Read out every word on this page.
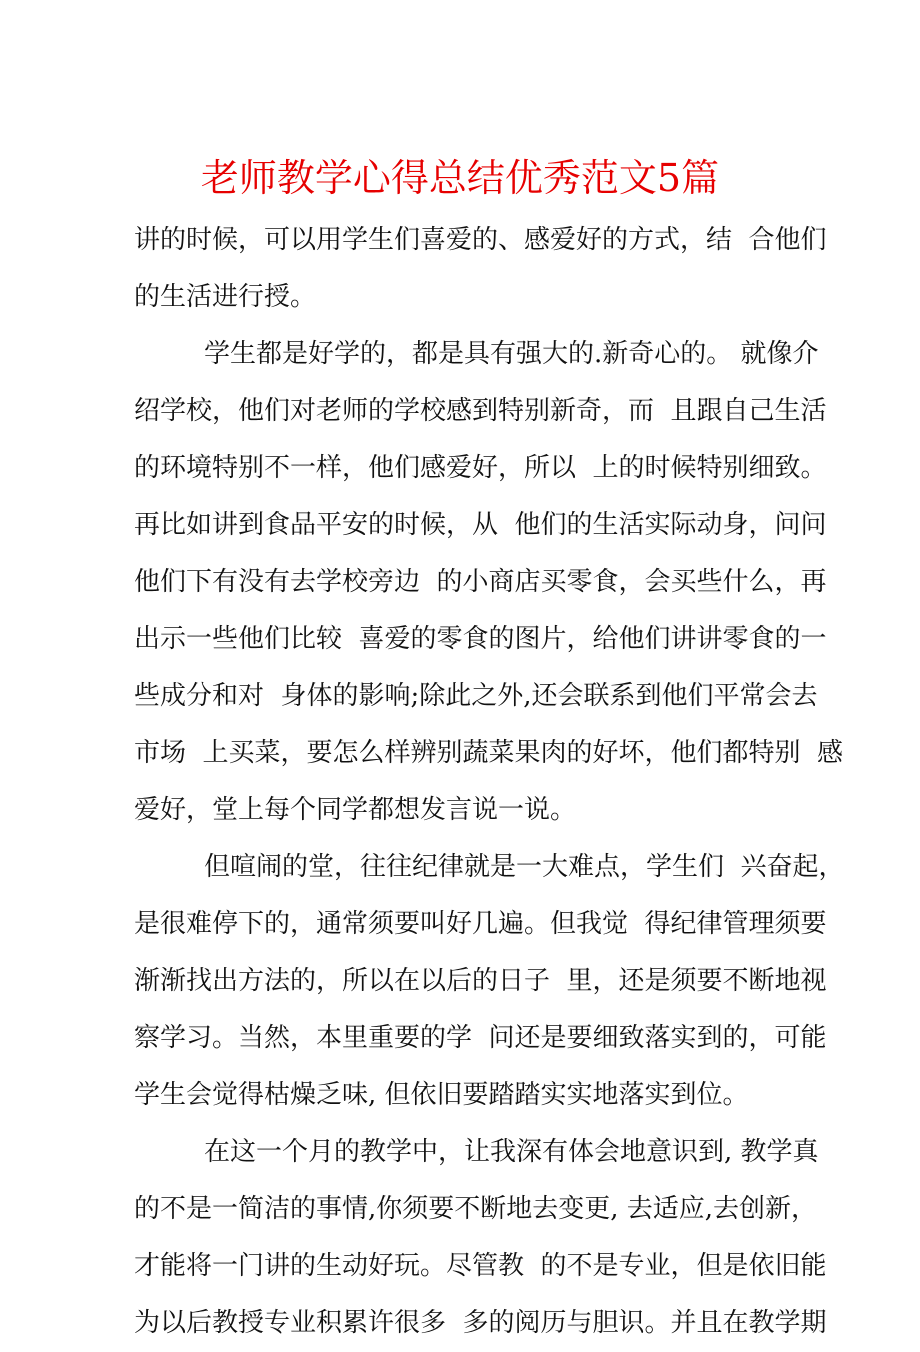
老师教学心得总结优秀范文5篇
讲的时候，可以用学生们喜爱的、感爱好的方式，结  合他们
的生活进行授。
学生都是好学的，都是具有强大的.新奇心的。 就像介
绍学校，他们对老师的学校感到特别新奇，而  且跟自己生活
的环境特别不一样，他们感爱好，所以  上的时候特别细致。
再比如讲到食品平安的时候，从  他们的生活实际动身，问问
他们下有没有去学校旁边  的小商店买零食，会买些什么，再
出示一些他们比较  喜爱的零食的图片，给他们讲讲零食的一
些成分和对  身体的影响;除此之外,还会联系到他们平常会去
市场  上买菜，要怎么样辨别蔬菜果肉的好坏，他们都特别  感
爱好，堂上每个同学都想发言说一说。
但喧闹的堂，往往纪律就是一大难点，学生们  兴奋起，
是很难停下的，通常须要叫好几遍。但我觉  得纪律管理须要
渐渐找出方法的，所以在以后的日子  里，还是须要不断地视
察学习。当然，本里重要的学  问还是要细致落实到的，可能
学生会觉得枯燥乏味, 但依旧要踏踏实实地落实到位。
在这一个月的教学中，让我深有体会地意识到, 教学真
的不是一简洁的事情,你须要不断地去变更, 去适应,去创新，
才能将一门讲的生动好玩。尽管教  的不是专业，但是依旧能
为以后教授专业积累许很多  多的阅历与胆识。并且在教学期
